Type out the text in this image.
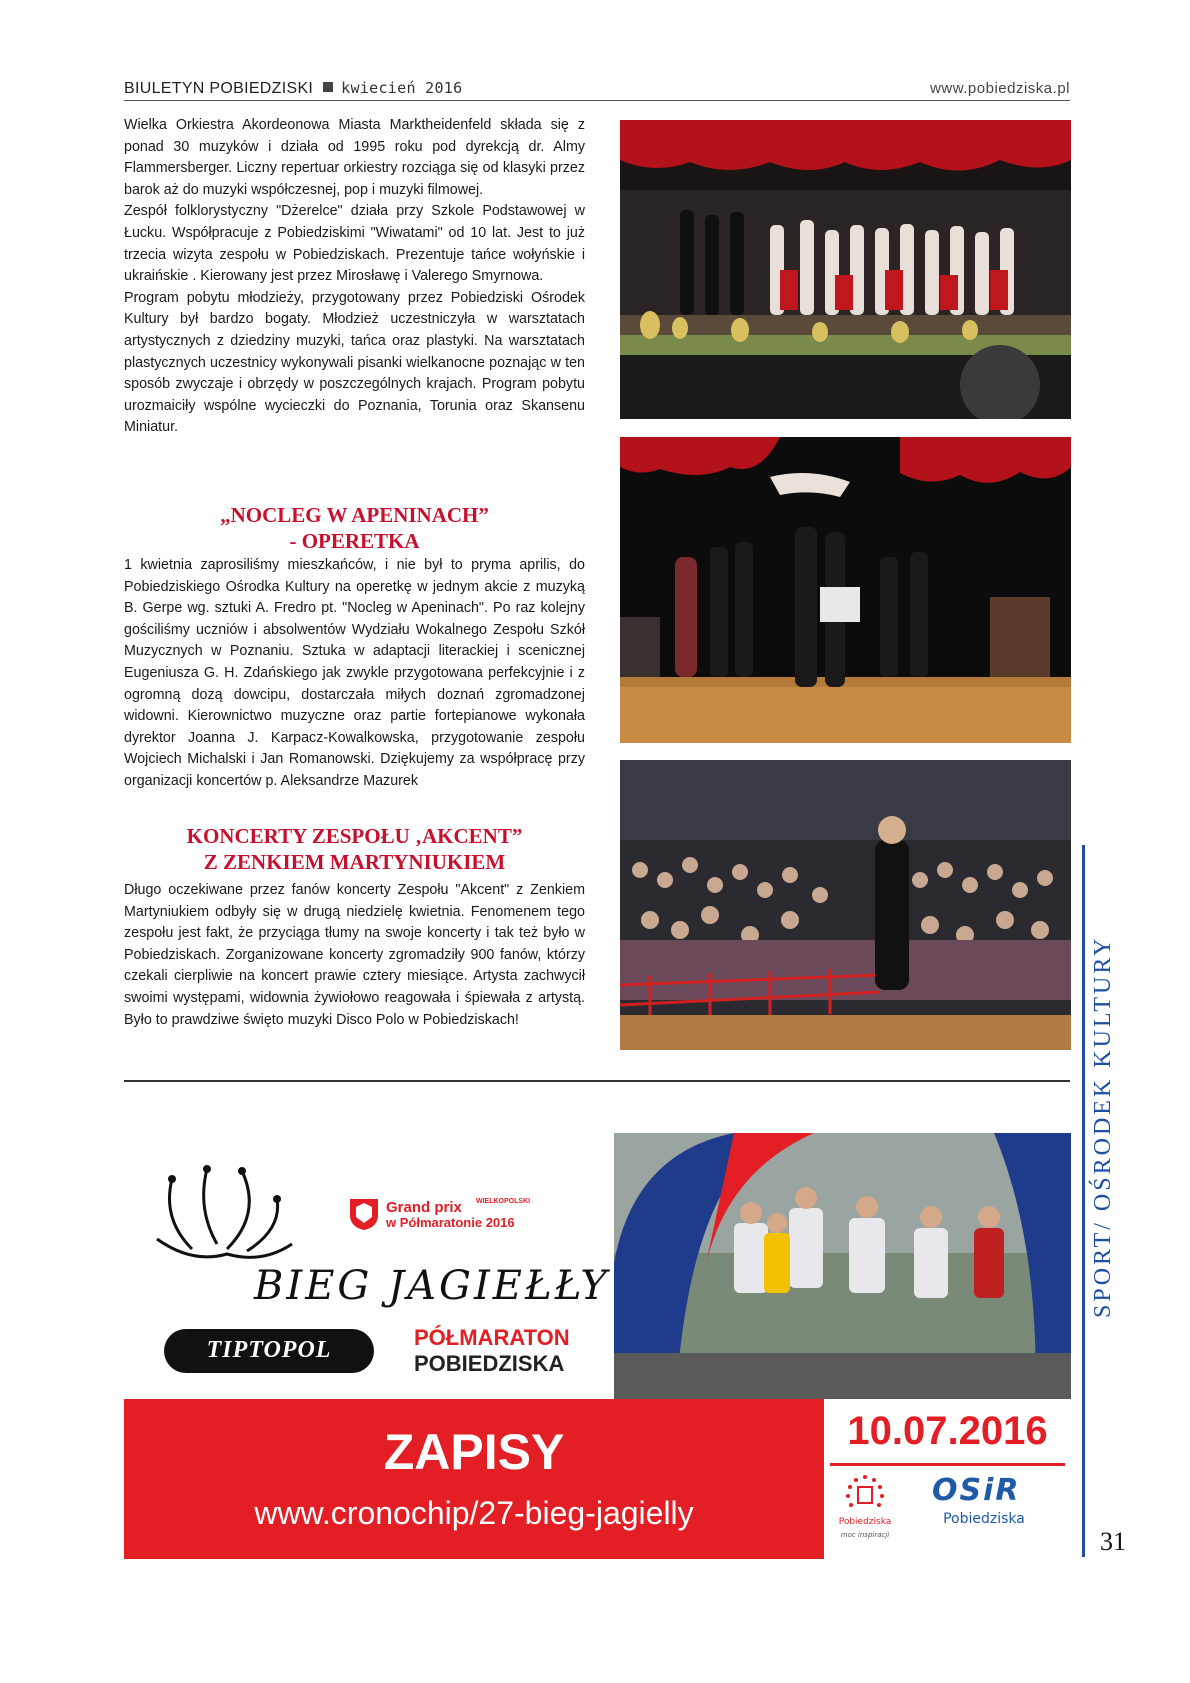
BIULETYN POBIEDZISKI kwiecień 2016	www.pobiedziska.pl

Wielka Orkiestra Akordeonowa Miasta Marktheidenfeld składa się z ponad 30 muzyków i działa od 1995 roku pod dyrekcją dr. Almy Flammersberger. Liczny repertuar orkiestry rozciąga się od klasyki przez barok aż do muzyki współczesnej, pop i muzyki filmowej.

Zespół folklorystyczny "Dżerelce" działa przy Szkole Podstawowej w Łucku. Współpracuje z Pobiedziskimi "Wiwatami" od 10 lat. Jest to już trzecia wizyta zespołu w Pobiedziskach. Prezentuje tańce wołyńskie i ukraińskie . Kierowany jest przez Mirosławę i Valerego Smyrnowa.

Program pobytu młodzieży, przygotowany przez Pobiedziski Ośrodek Kultury był bardzo bogaty. Młodzież uczestniczyła w warsztatach artystycznych z dziedziny muzyki, tańca oraz plastyki. Na warsztatach plastycznych uczestnicy wykonywali pisanki wielkanocne poznając w ten sposób zwyczaje i obrzędy w poszczególnych krajach. Program pobytu urozmaiciły wspólne wycieczki do Poznania, Torunia oraz Skansenu Miniatur.

„NOCLEG W APENINACH”
- OPERETKA

1 kwietnia zaprosiliśmy mieszkańców, i nie był to pryma aprilis, do Pobiedziskiego Ośrodka Kultury na operetkę w jednym akcie z muzyką B. Gerpe wg. sztuki A. Fredro pt. "Nocleg w Apeninach". Po raz kolejny gościliśmy uczniów i absolwentów Wydziału Wokalnego Zespołu Szkół Muzycznych w Poznaniu. Sztuka w adaptacji literackiej i scenicznej Eugeniusza G. H. Zdańskiego jak zwykle przygotowana perfekcyjnie i z ogromną dozą dowcipu, dostarczała miłych doznań zgromadzonej widowni. Kierownictwo muzyczne oraz partie fortepianowe wykonała dyrektor Joanna J. Karpacz-Kowalkowska, przygotowanie zespołu Wojciech Michalski i Jan Romanowski. Dziękujemy za współpracę przy organizacji koncertów p. Aleksandrze Mazurek

KONCERTY ZESPOŁU ‚AKCENT”
Z ZENKIEM MARTYNIUKIEM

Długo oczekiwane przez fanów koncerty Zespołu "Akcent" z Zenkiem Martyniukiem odbyły się w drugą niedzielę kwietnia. Fenomenem tego zespołu jest fakt, że przyciąga tłumy na swoje koncerty i tak też było w Pobiedziskach. Zorganizowane koncerty zgromadziły 900 fanów, którzy czekali cierpliwie na koncert prawie cztery miesiące. Artysta zachwycił swoimi występami, widownia żywiołowo reagowała i śpiewała z artystą. Było to prawdziwe święto muzyki Disco Polo w Pobiedziskach!

BIEG JAGIEŁŁY
Grand prix WIELKOPOLSKI
w Półmaratonie 2016
TIPTOPOL	PÓŁMARATON
POBIEDZISKA
ZAPISY
www.cronochip/27-bieg-jagielly
10.07.2016
Pobiedziska
moc inspiracji
OSiR
Pobiedziska
SPORT/ OŚRODEK KULTURY
31
